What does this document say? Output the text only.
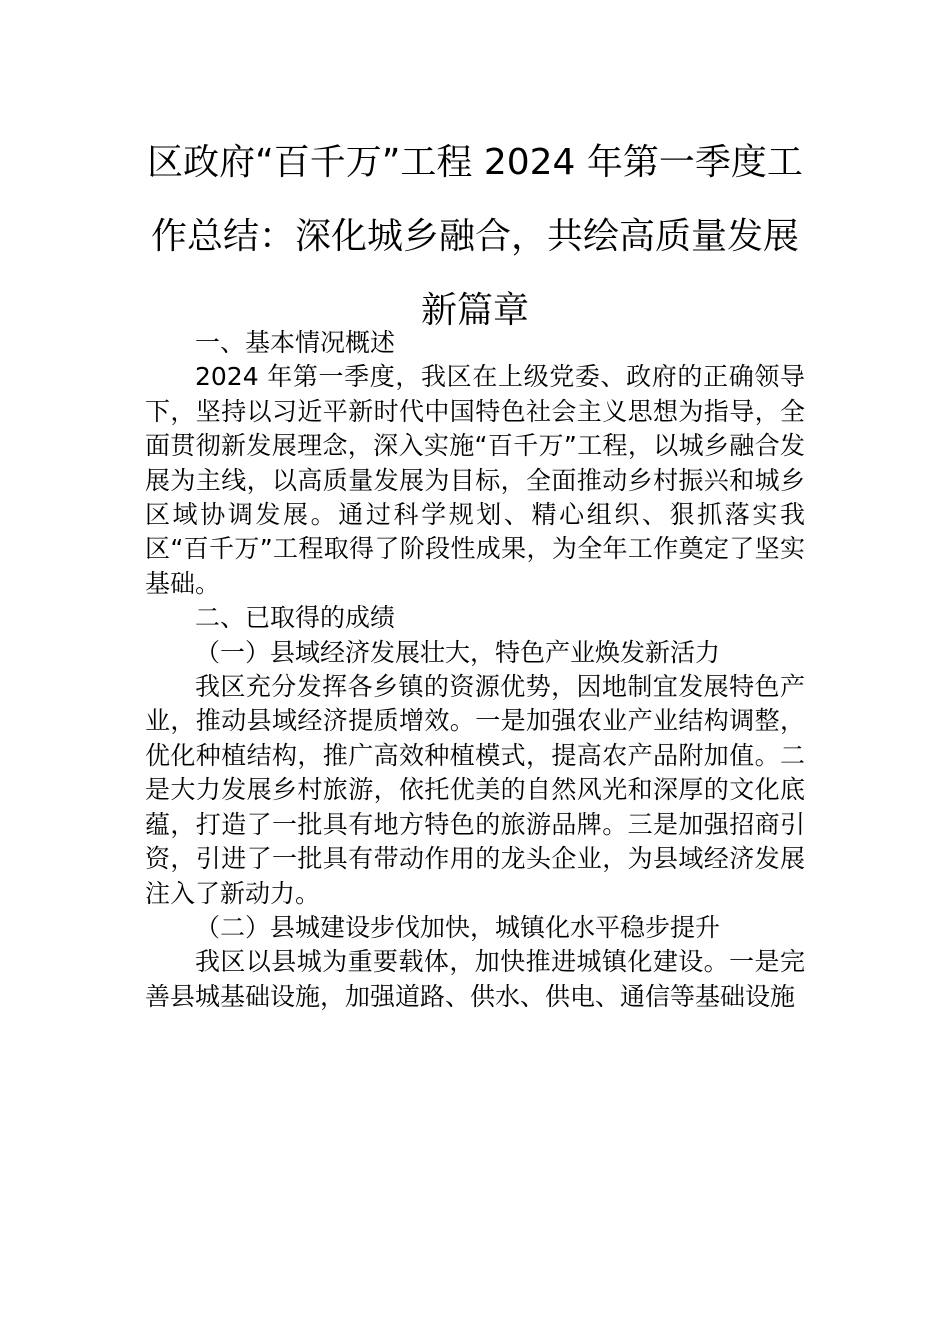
区政府“百千万”工程 2024 年第一季度工作总结：深化城乡融合，共绘高质量发展新篇章

一、基本情况概述

2024 年第一季度，我区在上级党委、政府的正确领导下，坚持以习近平新时代中国特色社会主义思想为指导，全面贯彻新发展理念，深入实施“百千万”工程，以城乡融合发展为主线，以高质量发展为目标，全面推动乡村振兴和城乡区域协调发展。通过科学规划、精心组织、狠抓落实我区“百千万”工程取得了阶段性成果，为全年工作奠定了坚实基础。

二、已取得的成绩

（一）县域经济发展壮大，特色产业焕发新活力

我区充分发挥各乡镇的资源优势，因地制宜发展特色产业，推动县域经济提质增效。一是加强农业产业结构调整，优化种植结构，推广高效种植模式，提高农产品附加值。二是大力发展乡村旅游，依托优美的自然风光和深厚的文化底蕴，打造了一批具有地方特色的旅游品牌。三是加强招商引资，引进了一批具有带动作用的龙头企业，为县域经济发展注入了新动力。

（二）县城建设步伐加快，城镇化水平稳步提升

我区以县城为重要载体，加快推进城镇化建设。一是完善县城基础设施，加强道路、供水、供电、通信等基础设施
